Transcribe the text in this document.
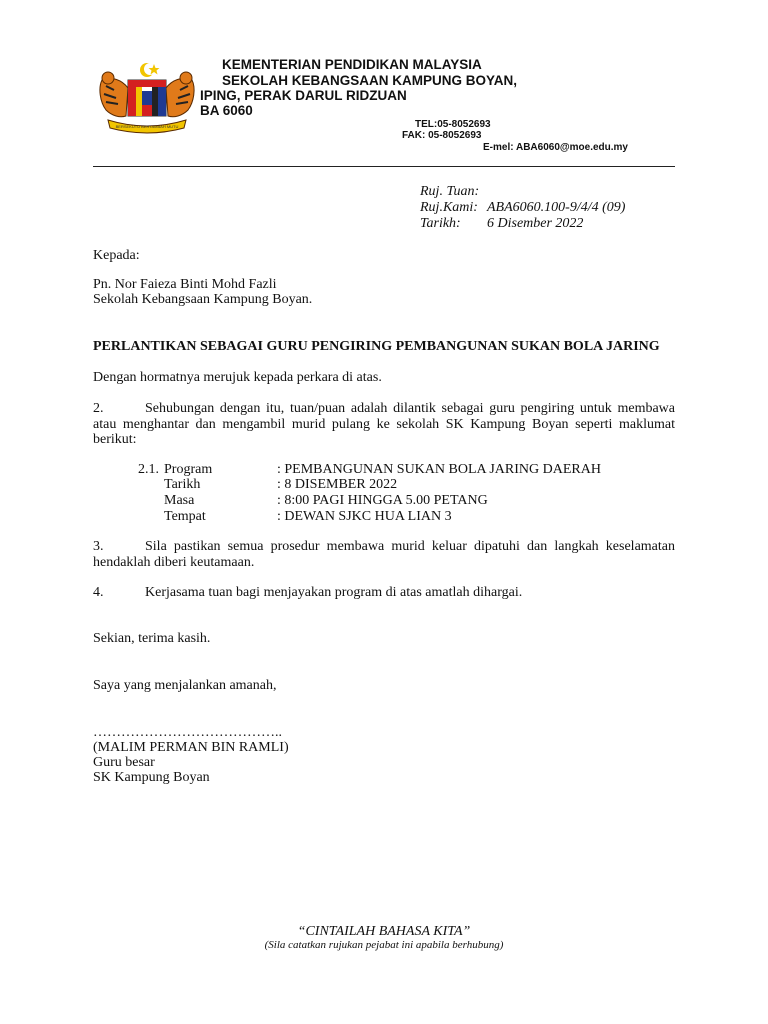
BERSEKUTU BERTAMBAH MUTU
KEMENTERIAN PENDIDIKAN MALAYSIA
SEKOLAH KEBANGSAAN KAMPUNG BOYAN,
IPING, PERAK DARUL RIDZUAN
BA 6060
TEL:05-8052693
FAK: 05-8052693
E-mel: ABA6060@moe.edu.my
Ruj. Tuan:
Ruj.Kami: ABA6060.100-9/4/4 (09)
Tarikh: 6 Disember 2022
Kepada:
Pn. Nor Faieza Binti Mohd Fazli
Sekolah Kebangsaan Kampung Boyan.
PERLANTIKAN SEBAGAI GURU PENGIRING PEMBANGUNAN SUKAN BOLA JARING
Dengan hormatnya merujuk kepada perkara di atas.
2.	Sehubungan dengan itu, tuan/puan adalah dilantik sebagai guru pengiring untuk membawa
atau menghantar dan mengambil murid pulang ke sekolah SK Kampung Boyan seperti maklumat
berikut:
2.1. Program	: PEMBANGUNAN SUKAN BOLA JARING DAERAH
Tarikh	: 8 DISEMBER 2022
Masa	: 8:00 PAGI HINGGA 5.00 PETANG
Tempat	: DEWAN SJKC HUA LIAN 3
3.	Sila pastikan semua prosedur membawa murid keluar dipatuhi dan langkah keselamatan
hendaklah diberi keutamaan.
4.	Kerjasama tuan bagi menjayakan program di atas amatlah dihargai.
Sekian, terima kasih.
Saya yang menjalankan amanah,
…………………………………..
(MALIM PERMAN BIN RAMLI)
Guru besar
SK Kampung Boyan
“CINTAILAH BAHASA KITA”
(Sila catatkan rujukan pejabat ini apabila berhubung)
